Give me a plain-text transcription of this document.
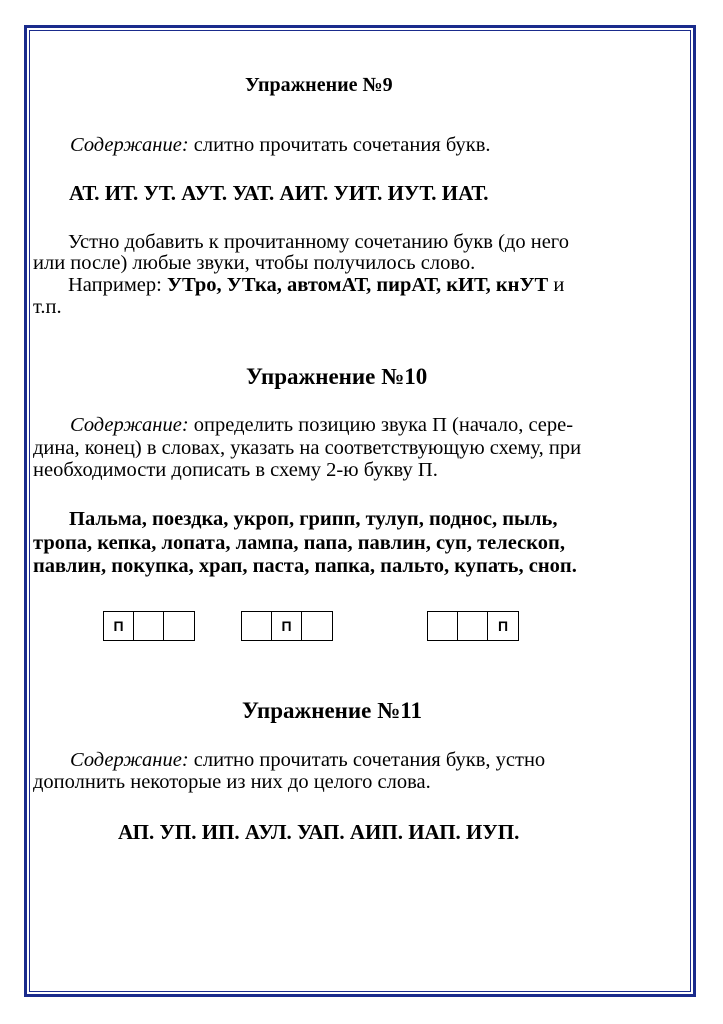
Упражнение №9
Содержание: слитно прочитать сочетания букв.
АТ. ИТ. УТ. АУТ. УАТ. АИТ. УИТ. ИУТ. ИАТ.
Устно добавить к прочитанному сочетанию букв (до него
или после) любые звуки, чтобы получилось слово.
Например: УТро, УТка, автомАТ, пирАТ, кИТ, кнУТ и
т.п.
Упражнение №10
Содержание: определить позицию звука П (начало, сере-
дина, конец) в словах, указать на соответствующую схему, при
необходимости дописать в схему 2-ю букву П.
Пальма, поездка, укроп, грипп, тулуп, поднос, пыль,
тропа, кепка, лопата, лампа, папа, павлин, суп, телескоп,
павлин, покупка, храп, паста, папка, пальто, купать, сноп.
П	П	П
Упражнение №11
Содержание: слитно прочитать сочетания букв, устно
дополнить некоторые из них до целого слова.
АП. УП. ИП. АУЛ. УАП. АИП. ИАП. ИУП.
